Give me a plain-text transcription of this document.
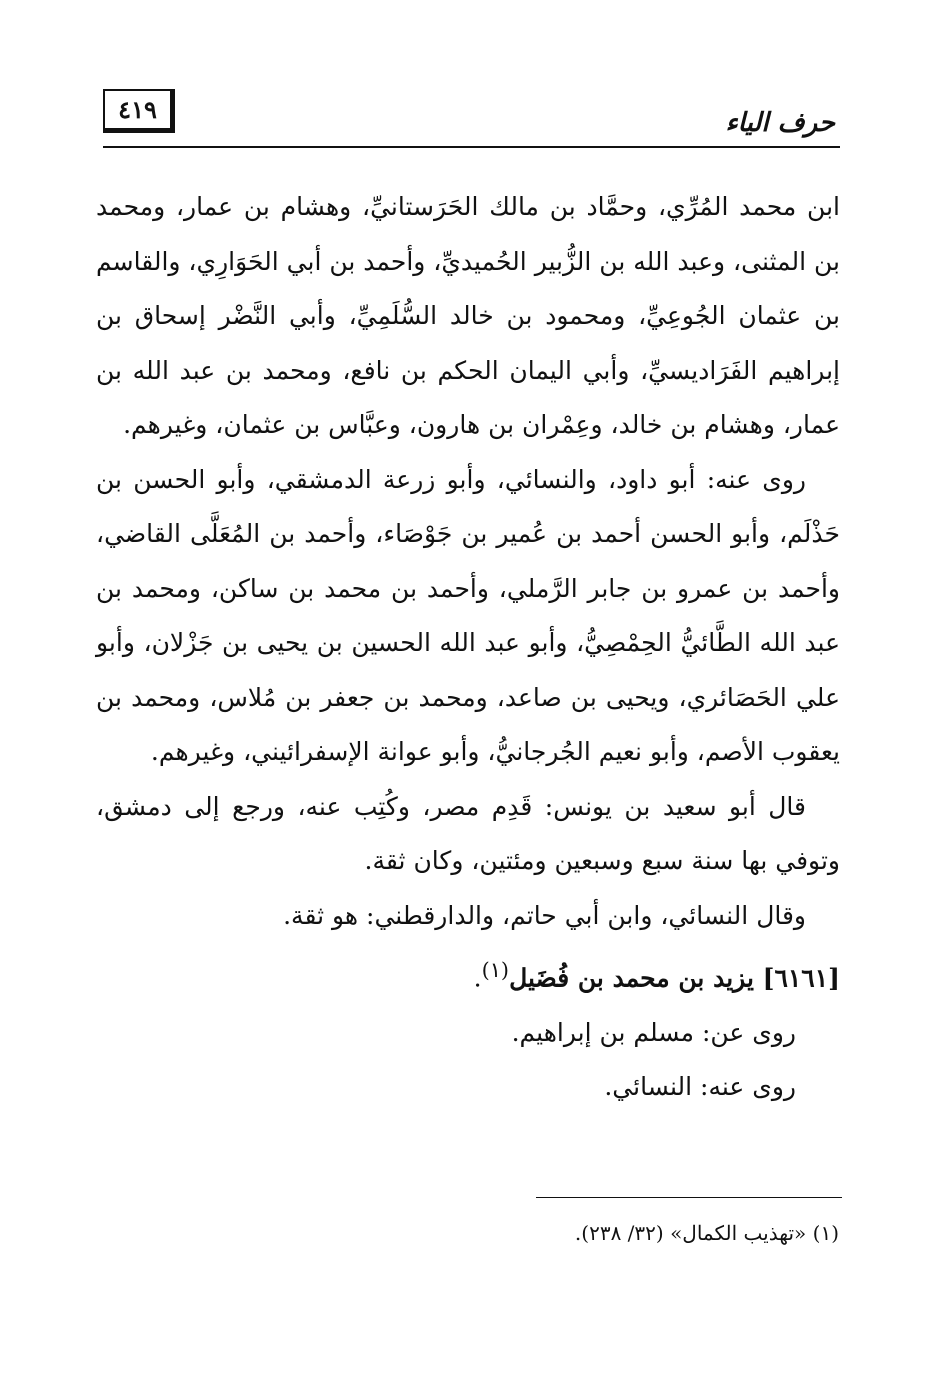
٤١٩	حرف الياء

ابن محمد المُرِّي، وحمَّاد بن مالك الحَرَستانيِّ، وهشام بن عمار، ومحمد بن المثنى، وعبد الله بن الزُّبير الحُميديِّ، وأحمد بن أبي الحَوَارِي، والقاسم بن عثمان الجُوعِيِّ، ومحمود بن خالد السُّلَمِيِّ، وأبي النَّضْر إسحاق بن إبراهيم الفَرَاديسيِّ، وأبي اليمان الحكم بن نافع، ومحمد بن عبد الله بن عمار، وهشام بن خالد، وعِمْران بن هارون، وعبَّاس بن عثمان، وغيرهم.

روى عنه: أبو داود، والنسائي، وأبو زرعة الدمشقي، وأبو الحسن بن حَذْلَم، وأبو الحسن أحمد بن عُمير بن جَوْصَاء، وأحمد بن المُعَلَّى القاضي، وأحمد بن عمرو بن جابر الرَّملي، وأحمد بن محمد بن ساكن، ومحمد بن عبد الله الطَّائيُّ الحِمْصِيُّ، وأبو عبد الله الحسين بن يحيى بن جَزْلان، وأبو علي الحَصَائري، ويحيى بن صاعد، ومحمد بن جعفر بن مُلاس، ومحمد بن يعقوب الأصم، وأبو نعيم الجُرجانيُّ، وأبو عوانة الإسفرائيني، وغيرهم.

قال أبو سعيد بن يونس: قَدِم مصر، وكُتِب عنه، ورجع إلى دمشق، وتوفي بها سنة سبع وسبعين ومئتين، وكان ثقة.

وقال النسائي، وابن أبي حاتم، والدارقطني: هو ثقة.

[٦١٦١] يزيد بن محمد بن فُضَيل$^{(١)}$.

روى عن: مسلم بن إبراهيم.

روى عنه: النسائي.

(١) «تهذيب الكمال» (٣٢/ ٢٣٨).
